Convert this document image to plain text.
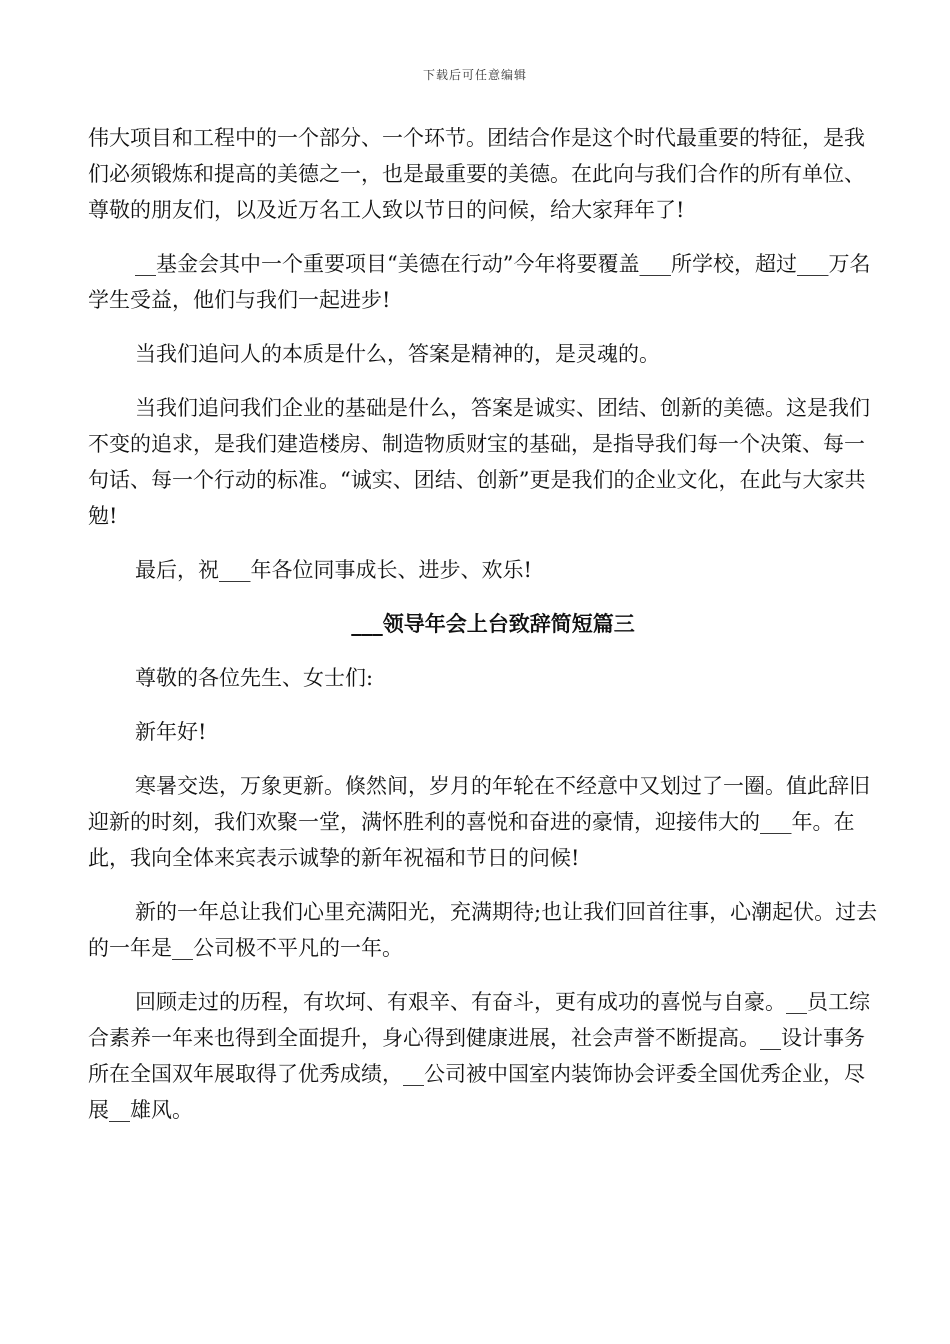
下载后可任意编辑

伟大项目和工程中的一个部分、一个环节。团结合作是这个时代最重要的特征，是我们必须锻炼和提高的美德之一，也是最重要的美德。在此向与我们合作的所有单位、尊敬的朋友们，以及近万名工人致以节日的问候，给大家拜年了!

__基金会其中一个重要项目“美德在行动”今年将要覆盖___所学校，超过___万名学生受益，他们与我们一起进步!

当我们追问人的本质是什么，答案是精神的，是灵魂的。

当我们追问我们企业的基础是什么，答案是诚实、团结、创新的美德。这是我们不变的追求，是我们建造楼房、制造物质财宝的基础，是指导我们每一个决策、每一句话、每一个行动的标准。“诚实、团结、创新”更是我们的企业文化，在此与大家共勉!

最后，祝___年各位同事成长、进步、欢乐!

___领导年会上台致辞简短篇三

尊敬的各位先生、女士们:

新年好!

寒暑交迭，万象更新。倏然间，岁月的年轮在不经意中又划过了一圈。值此辞旧迎新的时刻，我们欢聚一堂，满怀胜利的喜悦和奋进的豪情，迎接伟大的___年。在此，我向全体来宾表示诚挚的新年祝福和节日的问候!

新的一年总让我们心里充满阳光，充满期待;也让我们回首往事，心潮起伏。过去的一年是__公司极不平凡的一年。

回顾走过的历程，有坎坷、有艰辛、有奋斗，更有成功的喜悦与自豪。__员工综合素养一年来也得到全面提升，身心得到健康进展，社会声誉不断提高。__设计事务所在全国双年展取得了优秀成绩，__公司被中国室内装饰协会评委全国优秀企业，尽展__雄风。
